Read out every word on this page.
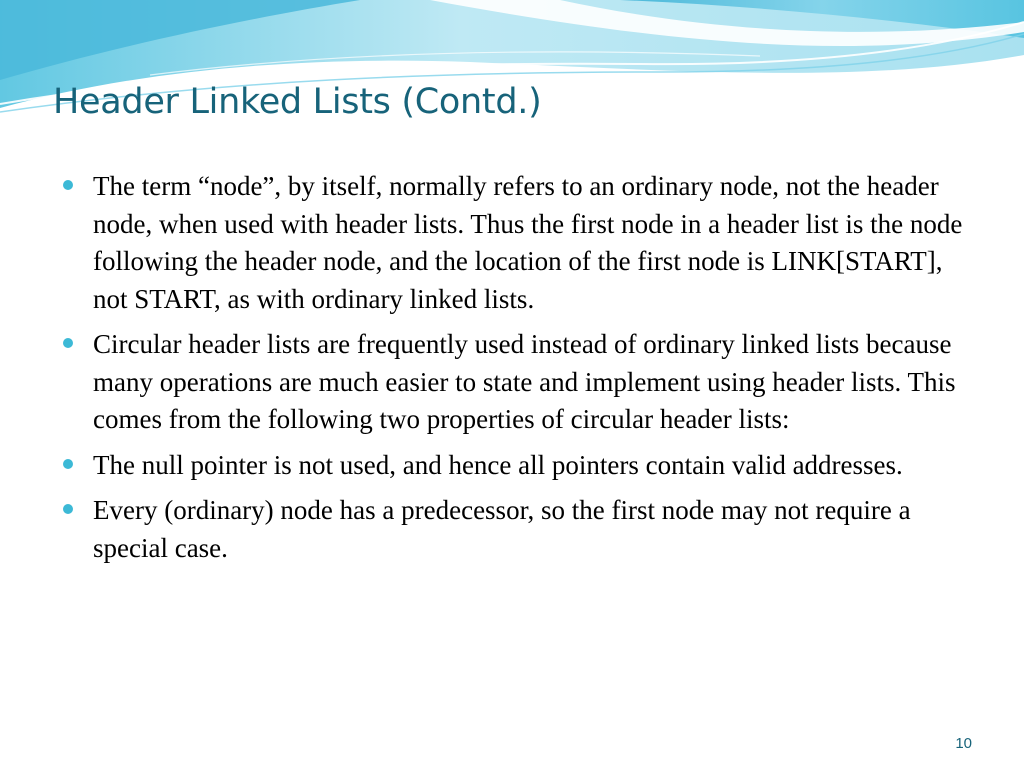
Header Linked Lists (Contd.)
The term “node”, by itself, normally refers to an ordinary node, not the header node, when used with header lists. Thus the first node in a header list is the node following the header node, and the location of the first node is LINK[START], not START, as with ordinary linked lists.
Circular header lists are frequently used instead of ordinary linked lists because many operations are much easier to state and implement using header lists. This comes from the following two properties of circular header lists:
The null pointer is not used, and hence all pointers contain valid addresses.
Every (ordinary) node has a predecessor, so the first node may not require a special case.
10
